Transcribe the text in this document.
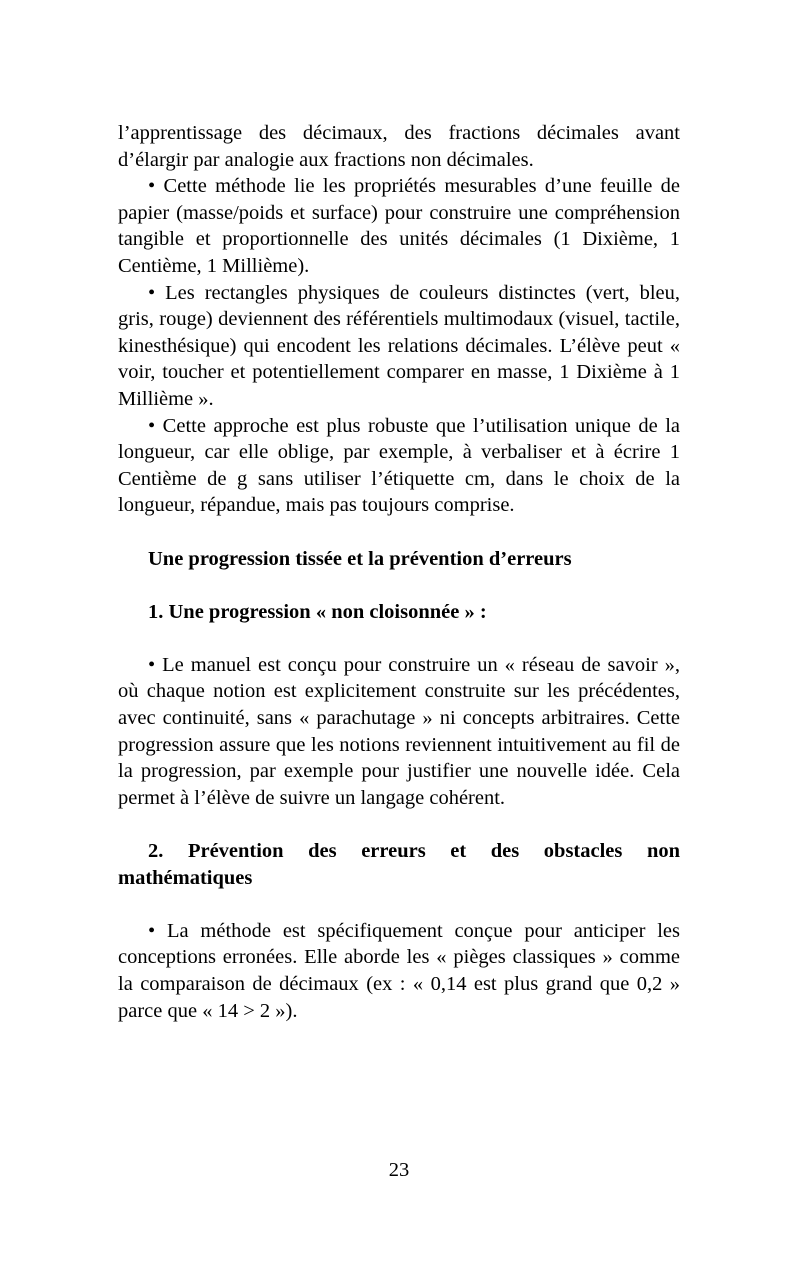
l’apprentissage des décimaux, des fractions décimales avant d’élargir par analogie aux fractions non décimales.

• Cette méthode lie les propriétés mesurables d’une feuille de papier (masse/poids et surface) pour construire une compréhension tangible et proportionnelle des unités décimales (1 Dixième, 1 Centième, 1 Millième).

• Les rectangles physiques de couleurs distinctes (vert, bleu, gris, rouge) deviennent des référentiels multimodaux (visuel, tactile, kinesthésique) qui encodent les relations décimales. L’élève peut « voir, toucher et potentiellement comparer en masse, 1 Dixième à 1 Millième ».

• Cette approche est plus robuste que l’utilisation unique de la longueur, car elle oblige, par exemple, à verbaliser et à écrire 1 Centième de g sans utiliser l’étiquette cm, dans le choix de la longueur, répandue, mais pas toujours comprise.

Une progression tissée et la prévention d’erreurs

1. Une progression « non cloisonnée » :

• Le manuel est conçu pour construire un « réseau de savoir », où chaque notion est explicitement construite sur les précédentes, avec continuité, sans « parachutage » ni concepts arbitraires. Cette progression assure que les notions reviennent intuitivement au fil de la progression, par exemple pour justifier une nouvelle idée. Cela permet à l’élève de suivre un langage cohérent.

2. Prévention des erreurs et des obstacles non mathématiques

• La méthode est spécifiquement conçue pour anticiper les conceptions erronées. Elle aborde les « pièges classiques » comme la comparaison de décimaux (ex : « 0,14 est plus grand que 0,2 » parce que « 14 > 2 »).

23
